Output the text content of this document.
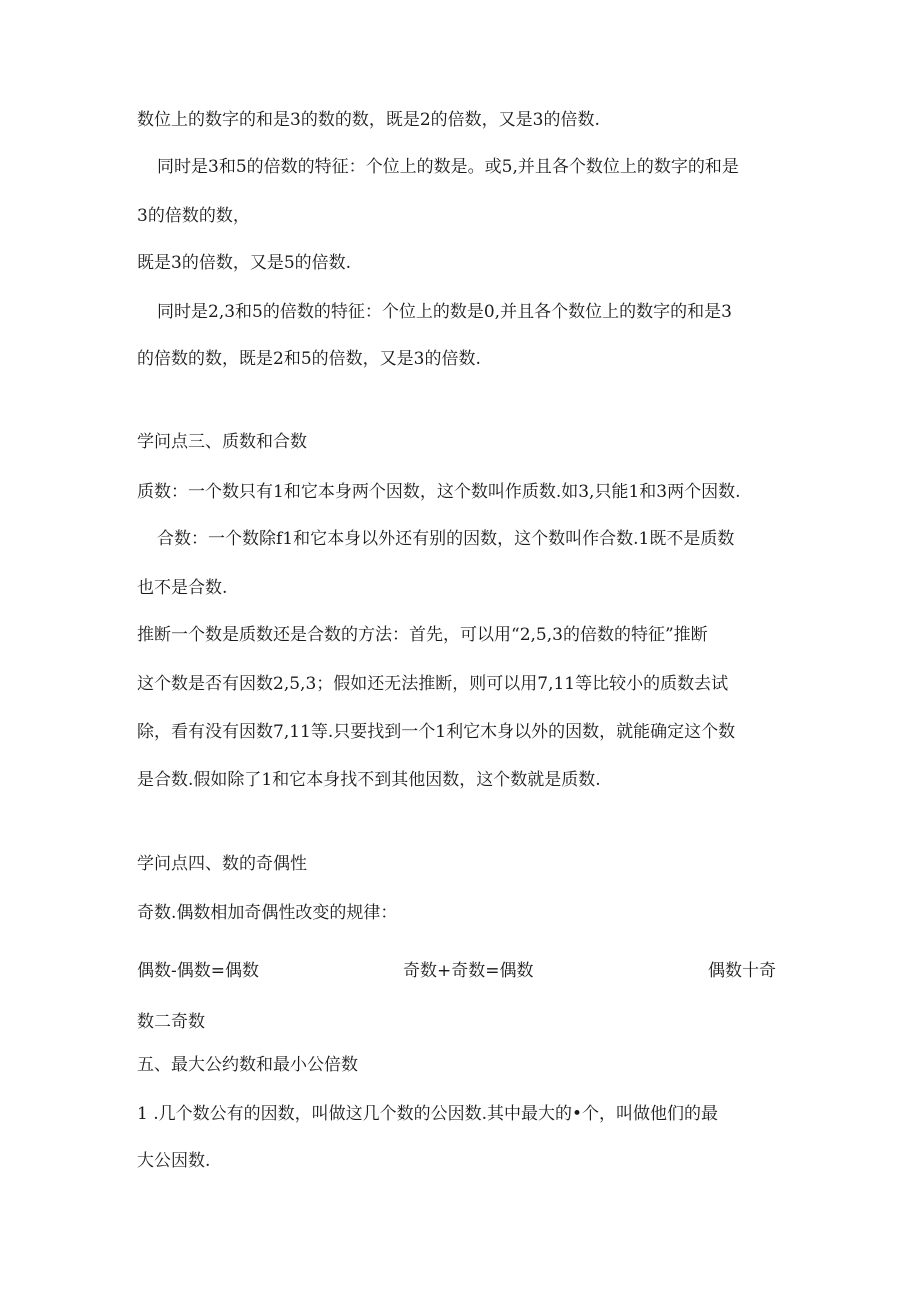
数位上的数字的和是3的数的数，既是2的倍数，又是3的倍数.
同时是3和5的倍数的特征：个位上的数是。或5,并且各个数位上的数字的和是
3的倍数的数，
既是3的倍数，又是5的倍数.
同时是2,3和5的倍数的特征：个位上的数是0,并且各个数位上的数字的和是3
的倍数的数，既是2和5的倍数，又是3的倍数.
学问点三、质数和合数
质数：一个数只有1和它本身两个因数，这个数叫作质数.如3,只能1和3两个因数.
合数：一个数除f1和它本身以外还有别的因数，这个数叫作合数.1既不是质数
也不是合数.
推断一个数是质数还是合数的方法：首先，可以用“2,5,3的倍数的特征”推断
这个数是否有因数2,5,3；假如还无法推断，则可以用7,11等比较小的质数去试
除，看有没有因数7,11等.只要找到一个1利它木身以外的因数，就能确定这个数
是合数.假如除了1和它本身找不到其他因数，这个数就是质数.
学问点四、数的奇偶性
奇数.偶数相加奇偶性改变的规律：
偶数-偶数=偶数	奇数+奇数=偶数	偶数十奇
数二奇数
五、最大公约数和最小公倍数
1 .几个数公有的因数，叫做这几个数的公因数.其中最大的•个，叫做他们的最
大公因数.
